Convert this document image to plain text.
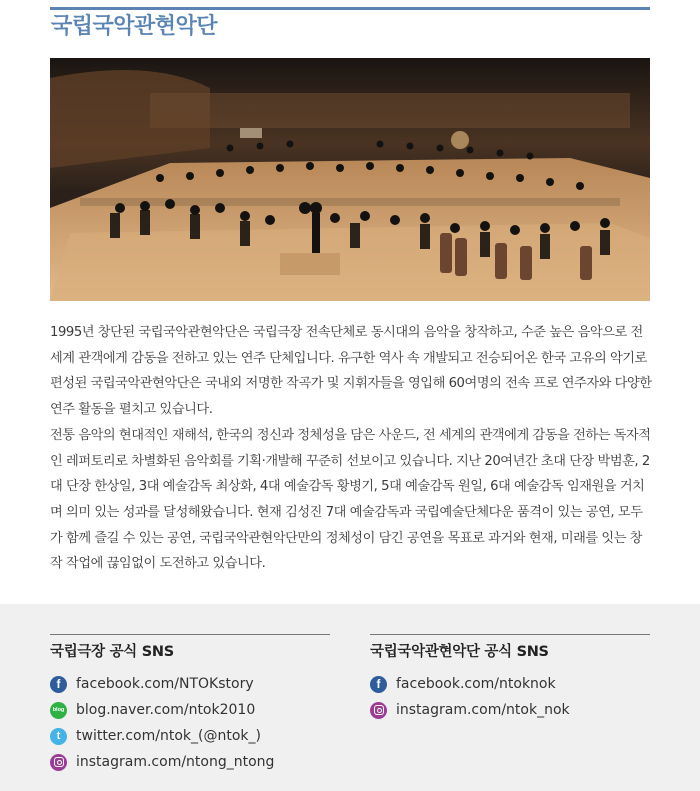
국립국악관현악단

1995년 창단된 국립국악관현악단은 국립극장 전속단체로 동시대의 음악을 창작하고, 수준 높은 음악으로 전 세계 관객에게 감동을 전하고 있는 연주 단체입니다. 유구한 역사 속 개발되고 전승되어온 한국 고유의 악기로 편성된 국립국악관현악단은 국내외 저명한 작곡가 및 지휘자들을 영입해 60여명의 전속 프로 연주자와 다양한 연주 활동을 펼치고 있습니다.

전통 음악의 현대적인 재해석, 한국의 정신과 정체성을 담은 사운드, 전 세계의 관객에게 감동을 전하는 독자적인 레퍼토리로 차별화된 음악회를 기획·개발해 꾸준히 선보이고 있습니다. 지난 20여년간 초대 단장 박범훈, 2대 단장 한상일, 3대 예술감독 최상화, 4대 예술감독 황병기, 5대 예술감독 원일, 6대 예술감독 임재원을 거치며 의미 있는 성과를 달성해왔습니다. 현재 김성진 7대 예술감독과 국립예술단체다운 품격이 있는 공연, 모두가 함께 즐길 수 있는 공연, 국립국악관현악단만의 정체성이 담긴 공연을 목표로 과거와 현재, 미래를 잇는 창작 작업에 끊임없이 도전하고 있습니다.

국립극장 공식 SNS
f	facebook.com/NTOKstory
blog blog.naver.com/ntok2010
t	twitter.com/ntok_(@ntok_)
instagram.com/ntong_ntong
국립국악관현악단 공식 SNS
f	facebook.com/ntoknok
instagram.com/ntok_nok
